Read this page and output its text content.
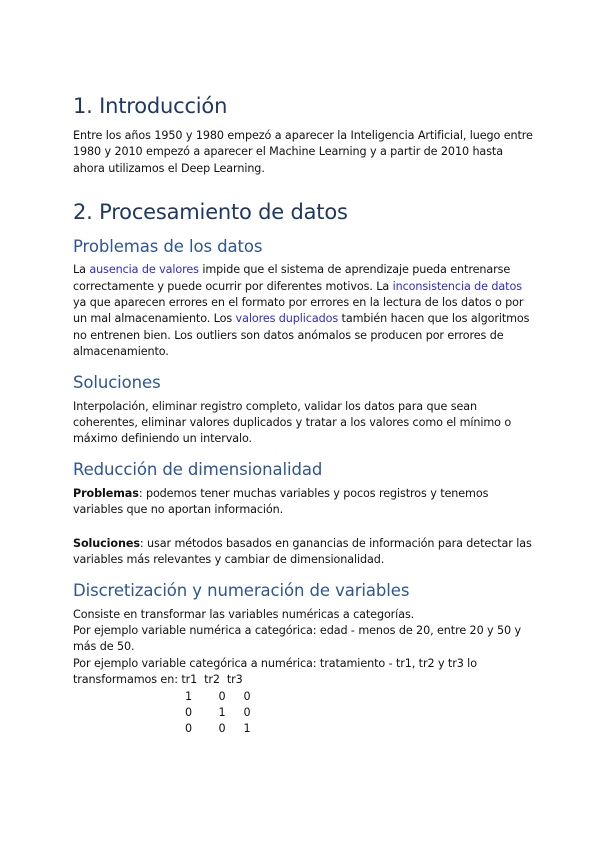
1. Introducción

Entre los años 1950 y 1980 empezó a aparecer la Inteligencia Artificial, luego entre 1980 y 2010 empezó a aparecer el Machine Learning y a partir de 2010 hasta ahora utilizamos el Deep Learning.

2. Procesamiento de datos
Problemas de los datos

La ausencia de valores impide que el sistema de aprendizaje pueda entrenarse correctamente y puede ocurrir por diferentes motivos. La inconsistencia de datos ya que aparecen errores en el formato por errores en la lectura de los datos o por un mal almacenamiento. Los valores duplicados también hacen que los algoritmos no entrenen bien. Los outliers son datos anómalos se producen por errores de almacenamiento.

Soluciones

Interpolación, eliminar registro completo, validar los datos para que sean coherentes, eliminar valores duplicados y tratar a los valores como el mínimo o máximo definiendo un intervalo.

Reducción de dimensionalidad

Problemas: podemos tener muchas variables y pocos registros y tenemos variables que no aportan información.

Soluciones: usar métodos basados en ganancias de información para detectar las variables más relevantes y cambiar de dimensionalidad.

Discretización y numeración de variables

Consiste en transformar las variables numéricas a categorías.

Por ejemplo variable numérica a categórica: edad - menos de 20, entre 20 y 50 y más de 50.

Por ejemplo variable categórica a numérica: tratamiento - tr1, tr2 y tr3 lo

transformamos en: tr1 tr2 tr3

1	0	0
0	1	0
0	0	1
